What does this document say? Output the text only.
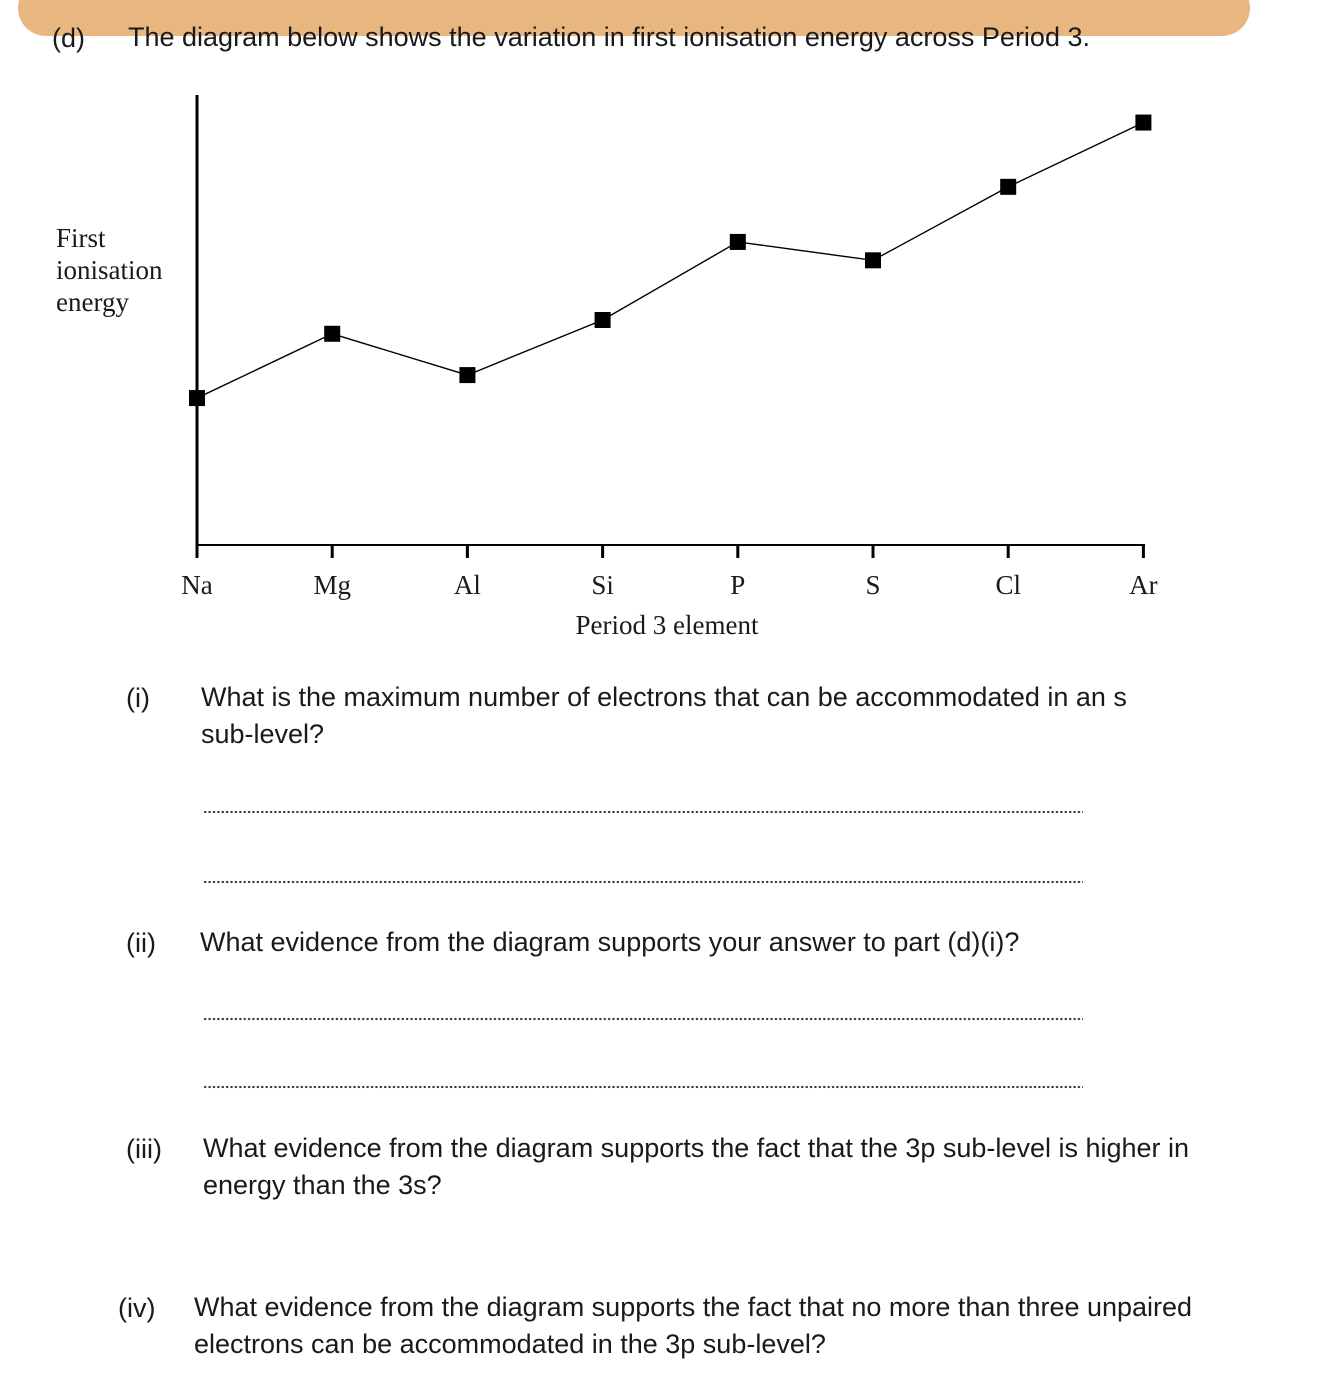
(d) The diagram below shows the variation in first ionisation energy across Period 3.
First
ionisation
energy
Na	Mg	Al	Si	P	S	Cl	Ar
Period 3 element
(i) What is the maximum number of electrons that can be accommodated in an s
sub-level?
(ii) What evidence from the diagram supports your answer to part (d)(i)?
(iii) What evidence from the diagram supports the fact that the 3p sub-level is higher in
energy than the 3s?
(iv) What evidence from the diagram supports the fact that no more than three unpaired
electrons can be accommodated in the 3p sub-level?
